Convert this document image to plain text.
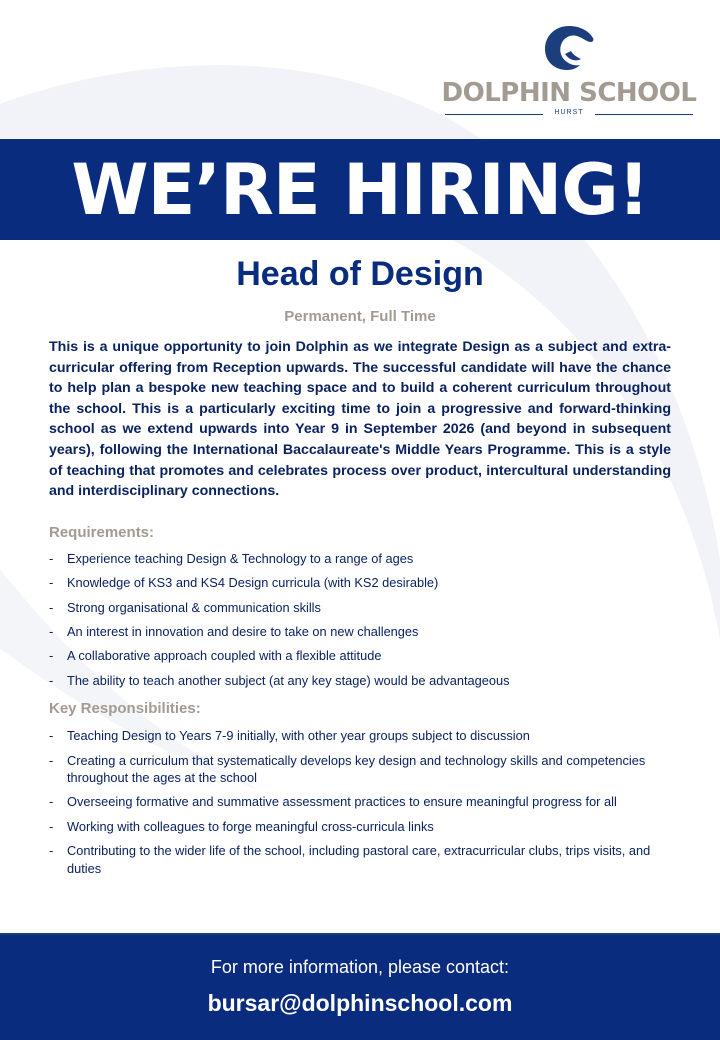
DOLPHIN SCHOOL
HURST
WE’RE HIRING!
Head of Design
Permanent, Full Time

This is a unique opportunity to join Dolphin as we integrate Design as a subject and extra-curricular offering from Reception upwards. The successful candidate will have the chance to help plan a bespoke new teaching space and to build a coherent curriculum throughout the school. This is a particularly exciting time to join a progressive and forward-thinking school as we extend upwards into Year 9 in September 2026 (and beyond in subsequent years), following the International Baccalaureate's Middle Years Programme. This is a style of teaching that promotes and celebrates process over product, intercultural understanding and interdisciplinary connections.

Requirements:
- Experience teaching Design & Technology to a range of ages
- Knowledge of KS3 and KS4 Design curricula (with KS2 desirable)
- Strong organisational & communication skills
- An interest in innovation and desire to take on new challenges
- A collaborative approach coupled with a flexible attitude
- The ability to teach another subject (at any key stage) would be advantageous
Key Responsibilities:
- Teaching Design to Years 7-9 initially, with other year groups subject to discussion
- Creating a curriculum that systematically develops key design and technology skills and competencies throughout the ages at the school
- Overseeing formative and summative assessment practices to ensure meaningful progress for all
- Working with colleagues to forge meaningful cross-curricula links
- Contributing to the wider life of the school, including pastoral care, extracurricular clubs, trips visits, and duties
For more information, please contact:
bursar@dolphinschool.com
